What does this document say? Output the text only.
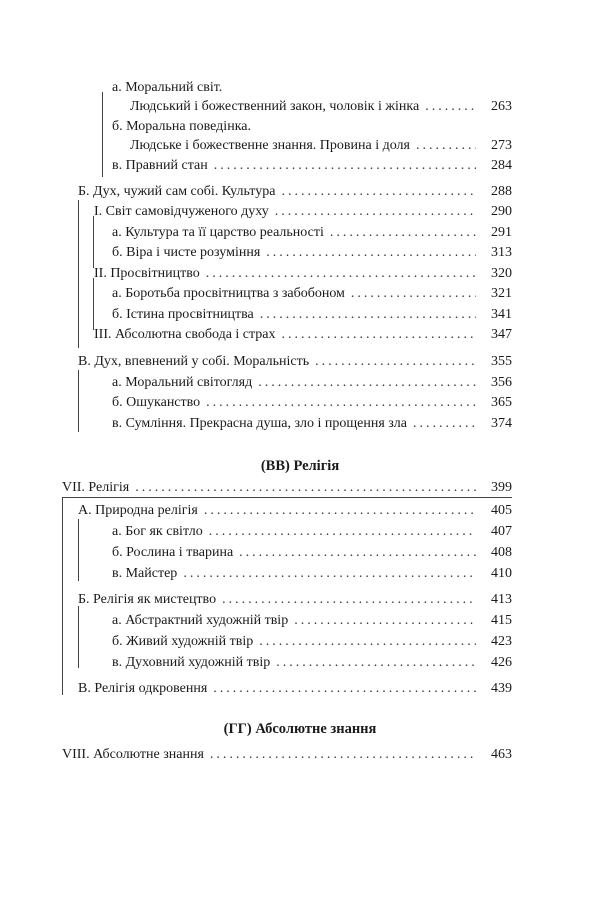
а. Моральний світ.
Людський і божественний закон, чоловік і жінка . . .	263
б. Моральна поведінка.
Людське і божественне знання. Провина і доля . . .	273
в. Правний стан . . .	284
Б. Дух, чужий сам собі. Культура . . .	288
І. Світ самовідчуженого духу . . .	290
а. Культура та її царство реальності . . .	291
б. Віра і чисте розуміння . . .	313
ІІ. Просвітництво . . .	320
а. Боротьба просвітництва з забобоном . . .	321
б. Істина просвітництва . . .	341
ІІІ. Абсолютна свобода і страх . . .	347
В. Дух, впевнений у собі. Моральність . . .	355
а. Моральний світогляд . . .	356
б. Ошуканство . . .	365
в. Сумління. Прекрасна душа, зло і прощення зла . . .	374
(ВВ) Релігія
VII. Релігія . . .	399
А. Природна релігія . . .	405
а. Бог як світло . . .	407
б. Рослина і тварина . . .	408
в. Майстер . . .	410
Б. Релігія як мистецтво . . .	413
а. Абстрактний художній твір . . .	415
б. Живий художній твір . . .	423
в. Духовний художній твір . . .	426
В. Релігія одкровення . . .	439
(ГГ) Абсолютне знання
VIII. Абсолютне знання . . .	463
